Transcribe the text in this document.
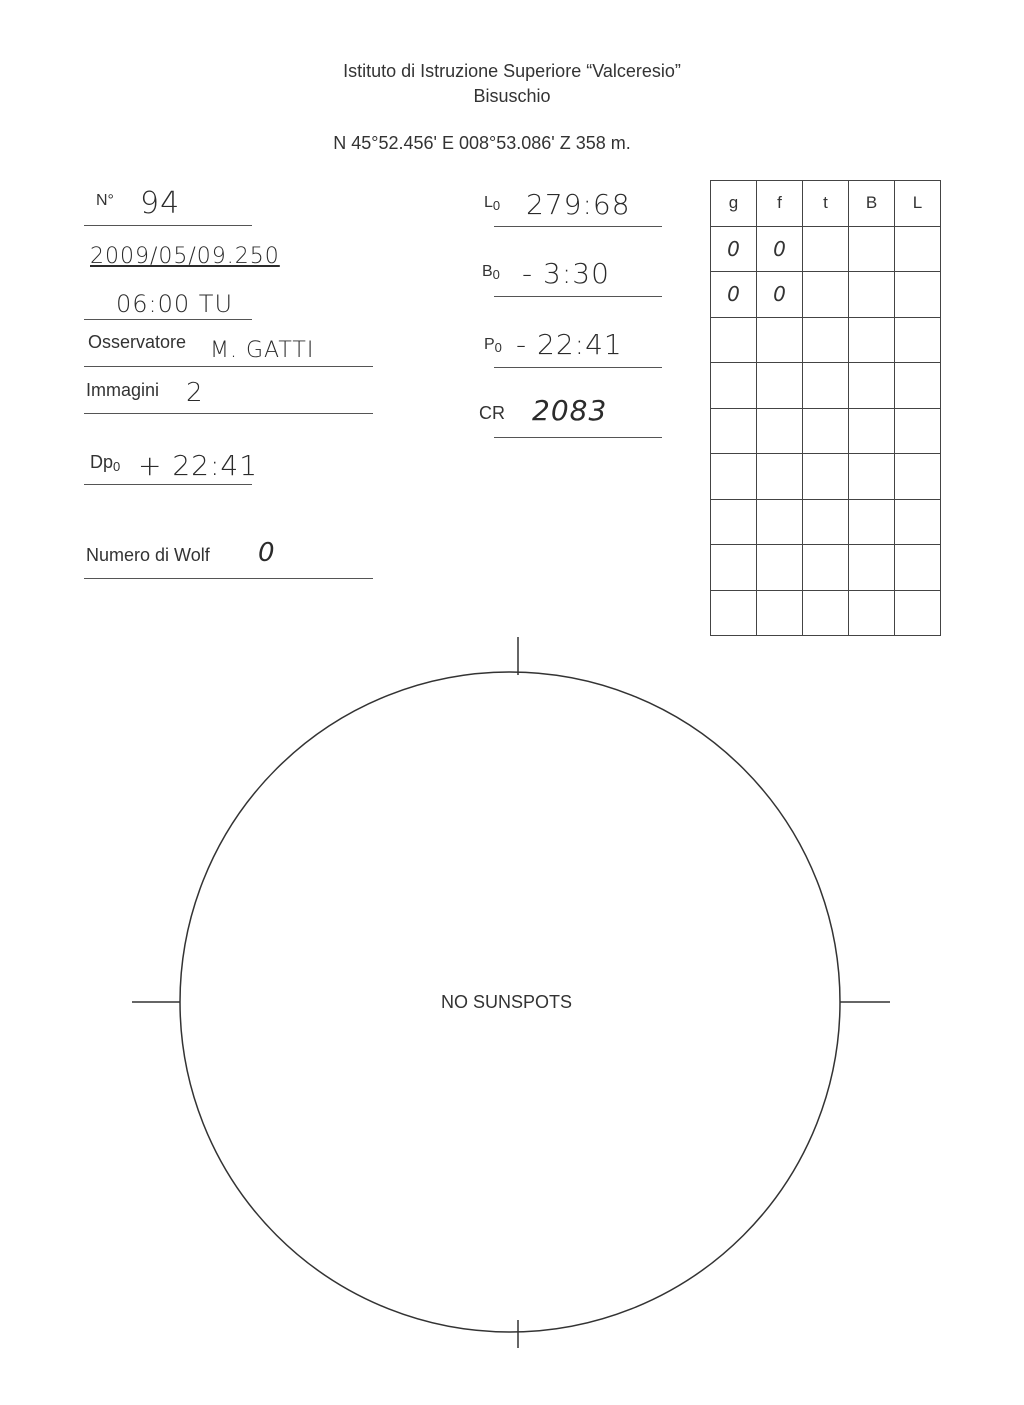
Istituto di Istruzione Superiore “Valceresio”
Bisuschio
N 45°52.456' E 008°53.086' Z 358 m.
N° 94
2009/05/09.250
06:00 TU
Osservatore M. GATTI
Immagini 2
$Dp_0$ + 22:41
Numero di Wolf 0
$L_0$ 279:68
$B_0$ - 3:30
$P_0$ - 22:41
CR 2083
g	f	t	B	L
0	0			
0	0			

NO SUNSPOTS
